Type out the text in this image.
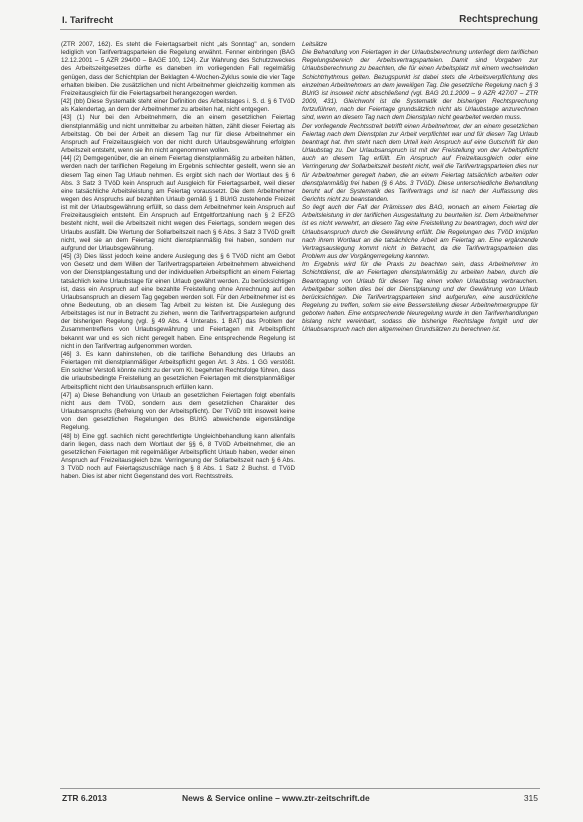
I. Tarifrecht	Rechtsprechung

(ZTR 2007, 162). Es steht die Feiertagsarbeit nicht „als Sonntag" an, sondern lediglich von Tarifvertragsparteien die Regelung erwähnt. Fenner einbringen (BAG 12.12.2001 – 5 AZR 294/00 – BAGE 100, 124). Zur Wahrung des Schutzzweckes des Arbeitszeitgesetzes dürfte es daneben im vorliegenden Fall regelmäßig genügen, dass der Schichtplan der Beklagten 4-Wochen-Zyklus sowie die vier Tage erhalten bleiben. Die zusätzlichen und nicht Arbeitnehmer gleichzeitig kommen als Freizeitausgleich für die Feiertagsarbeit herangezogen werden.

[42] (bb) Diese Systematik steht einer Definition des Arbeitstages i. S. d. § 6 TVöD als Kalendertag, an dem der Arbeitnehmer zu arbeiten hat, nicht entgegen.

[43] (1) Nur bei den Arbeitnehmern, die an einem gesetzlichen Feiertag dienstplanmäßig und nicht unmittelbar zu arbeiten hätten, zählt dieser Feiertag als Arbeitstag. Ob bei der Arbeit an diesem Tag nur für diese Arbeitnehmer ein Anspruch auf Freizeitausgleich von der nicht durch Urlaubsgewährung erfolgten Arbeitszeit entsteht, wenn sie ihn nicht angenommen wollen.

[44] (2) Demgegenüber, die an einem Feiertag dienstplanmäßig zu arbeiten hätten, werden nach der tariflichen Regelung im Ergebnis schlechter gestellt, wenn sie an diesem Tag einen Tag Urlaub nehmen. Es ergibt sich nach der Wortlaut des § 6 Abs. 3 Satz 3 TVöD kein Anspruch auf Ausgleich für Feiertagsarbeit, weil dieser eine tatsächliche Arbeitsleistung am Feiertag voraussetzt. Die dem Arbeitnehmer wegen des Anspruchs auf bezahlten Urlaub gemäß § 1 BUrlG zustehende Freizeit ist mit der Urlaubsgewährung erfüllt, so dass dem Arbeitnehmer kein Anspruch auf Freizeitausgleich entsteht. Ein Anspruch auf Entgeltfortzahlung nach § 2 EFZG besteht nicht, weil die Arbeitszeit nicht wegen des Feiertags, sondern wegen des Urlaubs ausfällt. Die Wertung der Sollarbeitszeit nach § 6 Abs. 3 Satz 3 TVöD greift nicht, weil sie an dem Feiertag nicht dienstplanmäßig frei haben, sondern nur aufgrund der Urlaubsgewährung.

[45] (3) Dies lässt jedoch keine andere Auslegung des § 6 TVöD nicht am Gebot von Gesetz und dem Willen der Tarifvertragsparteien Arbeitnehmern abweichend von der Dienstplangestaltung und der individuellen Arbeitspflicht an einem Feiertag tatsächlich keine Urlaubstage für einen Urlaub gewährt werden. Zu berücksichtigen ist, dass ein Anspruch auf eine bezahlte Freistellung ohne Anrechnung auf den Urlaubsanspruch an diesem Tag gegeben werden soll. Für den Arbeitnehmer ist es ohne Bedeutung, ob an diesem Tag Arbeit zu leisten ist. Die Auslegung des Arbeitstages ist nur in Betracht zu ziehen, wenn die Tarifvertragsparteien aufgrund der bisherigen Regelung (vgl. § 49 Abs. 4 Unterabs. 1 BAT) das Problem der Zusammentreffens von Urlaubsgewährung und Feiertagen mit Arbeitspflicht bekannt war und es sich nicht geregelt haben. Eine entsprechende Regelung ist nicht in den Tarifvertrag aufgenommen worden.

[46] 3. Es kann dahinstehen, ob die tarifliche Behandlung des Urlaubs an Feiertagen mit dienstplanmäßiger Arbeitspflicht gegen Art. 3 Abs. 1 GG verstößt. Ein solcher Verstoß könnte nicht zu der vom Kl. begehrten Rechtsfolge führen, dass die urlaubsbedingte Freistellung an gesetzlichen Feiertagen mit dienstplanmäßiger Arbeitspflicht nicht den Urlaubsanspruch erfüllen kann.

[47] a) Diese Behandlung von Urlaub an gesetzlichen Feiertagen folgt ebenfalls nicht aus dem TVöD, sondern aus dem gesetzlichen Charakter des Urlaubsanspruchs (Befreiung von der Arbeitspflicht). Der TVöD tritt insoweit keine von den gesetzlichen Regelungen des BUrlG abweichende eigenständige Regelung.

[48] b) Eine ggf. sachlich nicht gerechtfertigte Ungleichbehandlung kann allenfalls darin liegen, dass nach dem Wortlaut der §§ 6, 8 TVöD Arbeitnehmer, die an gesetzlichen Feiertagen mit regelmäßiger Arbeitspflicht Urlaub haben, weder einen Anspruch auf Freizeitausgleich bzw. Verringerung der Sollarbeitszeit nach § 6 Abs. 3 TVöD noch auf Feiertagszuschläge nach § 8 Abs. 1 Satz 2 Buchst. d TVöD haben. Dies ist aber nicht Gegenstand des vorl. Rechtsstreits.

Leitsätze

Die Behandlung von Feiertagen in der Urlaubsberechnung unterliegt dem tariflichen Regelungsbereich der Arbeitsvertragsparteien. Damit sind Vorgaben zur Urlaubsberechnung zu beachten, die für einen Arbeitsplatz mit einem wechselnden Schichtrhythmus gelten. Bezugspunkt ist dabei stets die Arbeitsverpflichtung des einzelnen Arbeitnehmers an dem jeweiligen Tag. Die gesetzliche Regelung nach § 3 BUrlG ist insoweit nicht abschließend (vgl. BAG 20.1.2009 – 9 AZR 427/07 – ZTR 2009, 431). Gleichwohl ist die Systematik der bisherigen Rechtsprechung fortzuführen, nach der Feiertage grundsätzlich nicht als Urlaubstage anzurechnen sind, wenn an diesem Tag nach dem Dienstplan nicht gearbeitet werden muss.

Der vorliegende Rechtsstreit betrifft einen Arbeitnehmer, der an einem gesetzlichen Feiertag nach dem Dienstplan zur Arbeit verpflichtet war und für diesen Tag Urlaub beantragt hat. Ihm steht nach dem Urteil kein Anspruch auf eine Gutschrift für den Urlaubstag zu. Der Urlaubsanspruch ist mit der Freistellung von der Arbeitspflicht auch an diesem Tag erfüllt. Ein Anspruch auf Freizeitausgleich oder eine Verringerung der Sollarbeitszeit besteht nicht, weil die Tarifvertragsparteien dies nur für Arbeitnehmer geregelt haben, die an einem Feiertag tatsächlich arbeiten oder dienstplanmäßig frei haben (§ 6 Abs. 3 TVöD). Diese unterschiedliche Behandlung beruht auf der Systematik des Tarifvertrags und ist nach der Auffassung des Gerichts nicht zu beanstanden.

So liegt auch der Fall der Prämissen des BAG, wonach an einem Feiertag die Arbeitsleistung in der tariflichen Ausgestaltung zu beurteilen ist. Dem Arbeitnehmer ist es nicht verwehrt, an diesem Tag eine Freistellung zu beantragen, doch wird der Urlaubsanspruch durch die Gewährung erfüllt. Die Regelungen des TVöD knüpfen nach ihrem Wortlaut an die tatsächliche Arbeit am Feiertag an. Eine ergänzende Vertragsauslegung kommt nicht in Betracht, da die Tarifvertragsparteien das Problem aus der Vorgängerregelung kannten.

Im Ergebnis wird für die Praxis zu beachten sein, dass Arbeitnehmer im Schichtdienst, die an Feiertagen dienstplanmäßig zu arbeiten haben, durch die Beantragung von Urlaub für diesen Tag einen vollen Urlaubstag verbrauchen. Arbeitgeber sollten dies bei der Dienstplanung und der Gewährung von Urlaub berücksichtigen. Die Tarifvertragsparteien sind aufgerufen, eine ausdrückliche Regelung zu treffen, sofern sie eine Besserstellung dieser Arbeitnehmergruppe für geboten halten. Eine entsprechende Neuregelung wurde in den Tarifverhandlungen bislang nicht vereinbart, sodass die bisherige Rechtslage fortgilt und der Urlaubsanspruch nach den allgemeinen Grundsätzen zu berechnen ist.

ZTR 6.2013	News & Service online – www.ztr-zeitschrift.de	315
